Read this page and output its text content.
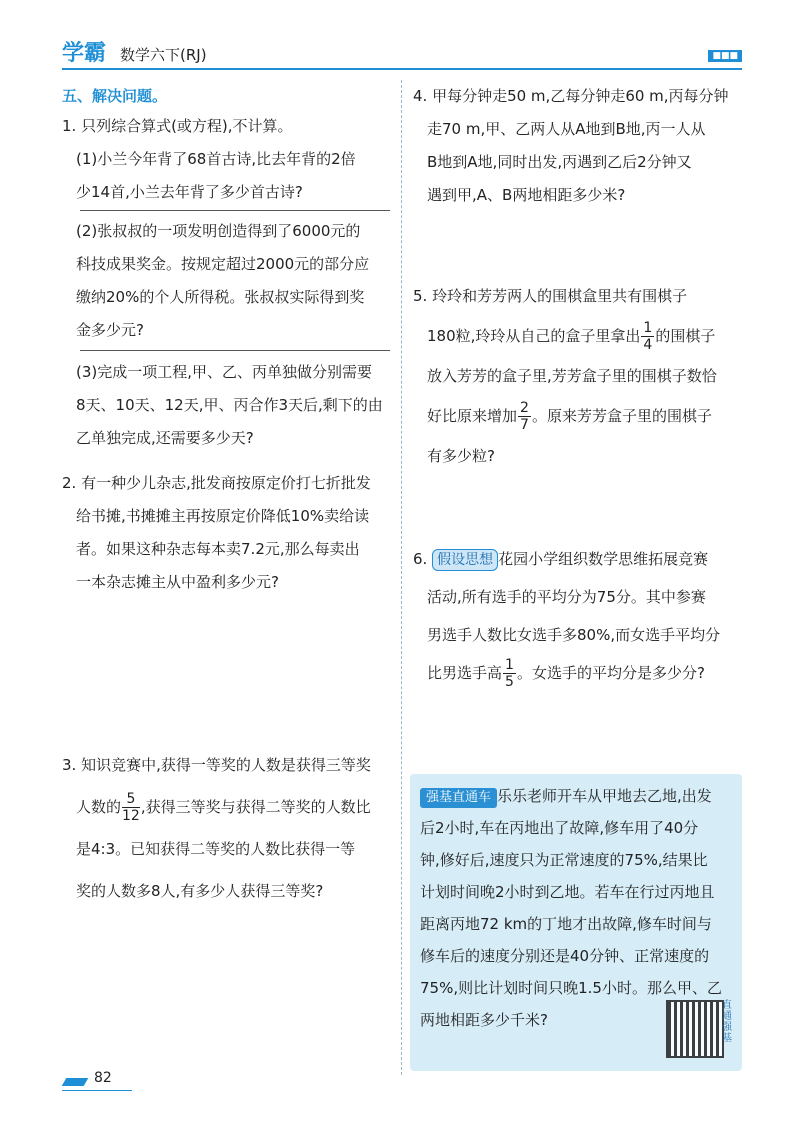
学霸 数学六下(RJ)	■■■
五、解决问题。
1. 只列综合算式(或方程),不计算。
(1)小兰今年背了68首古诗,比去年背的2倍
少14首,小兰去年背了多少首古诗?
(2)张叔叔的一项发明创造得到了6000元的
科技成果奖金。按规定超过2000元的部分应
缴纳20%的个人所得税。张叔叔实际得到奖
金多少元?
(3)完成一项工程,甲、乙、丙单独做分别需要
8天、10天、12天,甲、丙合作3天后,剩下的由
乙单独完成,还需要多少天?
2. 有一种少儿杂志,批发商按原定价打七折批发
给书摊,书摊摊主再按原定价降低10%卖给读
者。如果这种杂志每本卖7.2元,那么每卖出
一本杂志摊主从中盈利多少元?
3. 知识竞赛中,获得一等奖的人数是获得三等奖
人数的 $\frac{5}{12}$ ,获得三等奖与获得二等奖的人数比
是4:3。已知获得二等奖的人数比获得一等
奖的人数多8人,有多少人获得三等奖?
4. 甲每分钟走50 m,乙每分钟走60 m,丙每分钟
走70 m,甲、乙两人从A地到B地,丙一人从
B地到A地,同时出发,丙遇到乙后2分钟又
遇到甲,A、B两地相距多少米?
5. 玲玲和芳芳两人的围棋盒里共有围棋子
180粒,玲玲从自己的盒子里拿出 $\frac{1}{4}$ 的围棋子
放入芳芳的盒子里,芳芳盒子里的围棋子数恰
好比原来增加 $\frac{2}{7}$ 。原来芳芳盒子里的围棋子
有多少粒?
6. 假设思想 花园小学组织数学思维拓展竞赛
活动,所有选手的平均分为75分。其中参赛
男选手人数比女选手多80%,而女选手平均分
比男选手高 $\frac{1}{5}$ 。女选手的平均分是多少分?
强基直通车 乐乐老师开车从甲地去乙地,出发
后2小时,车在丙地出了故障,修车用了40分
钟,修好后,速度只为正常速度的75%,结果比
计划时间晚2小时到乙地。若车在行过丙地且
距离丙地72 km的丁地才出故障,修车时间与
修车后的速度分别还是40分钟、正常速度的
75%,则比计划时间只晚1.5小时。那么甲、乙
两地相距多少千米?
直通强基
82
